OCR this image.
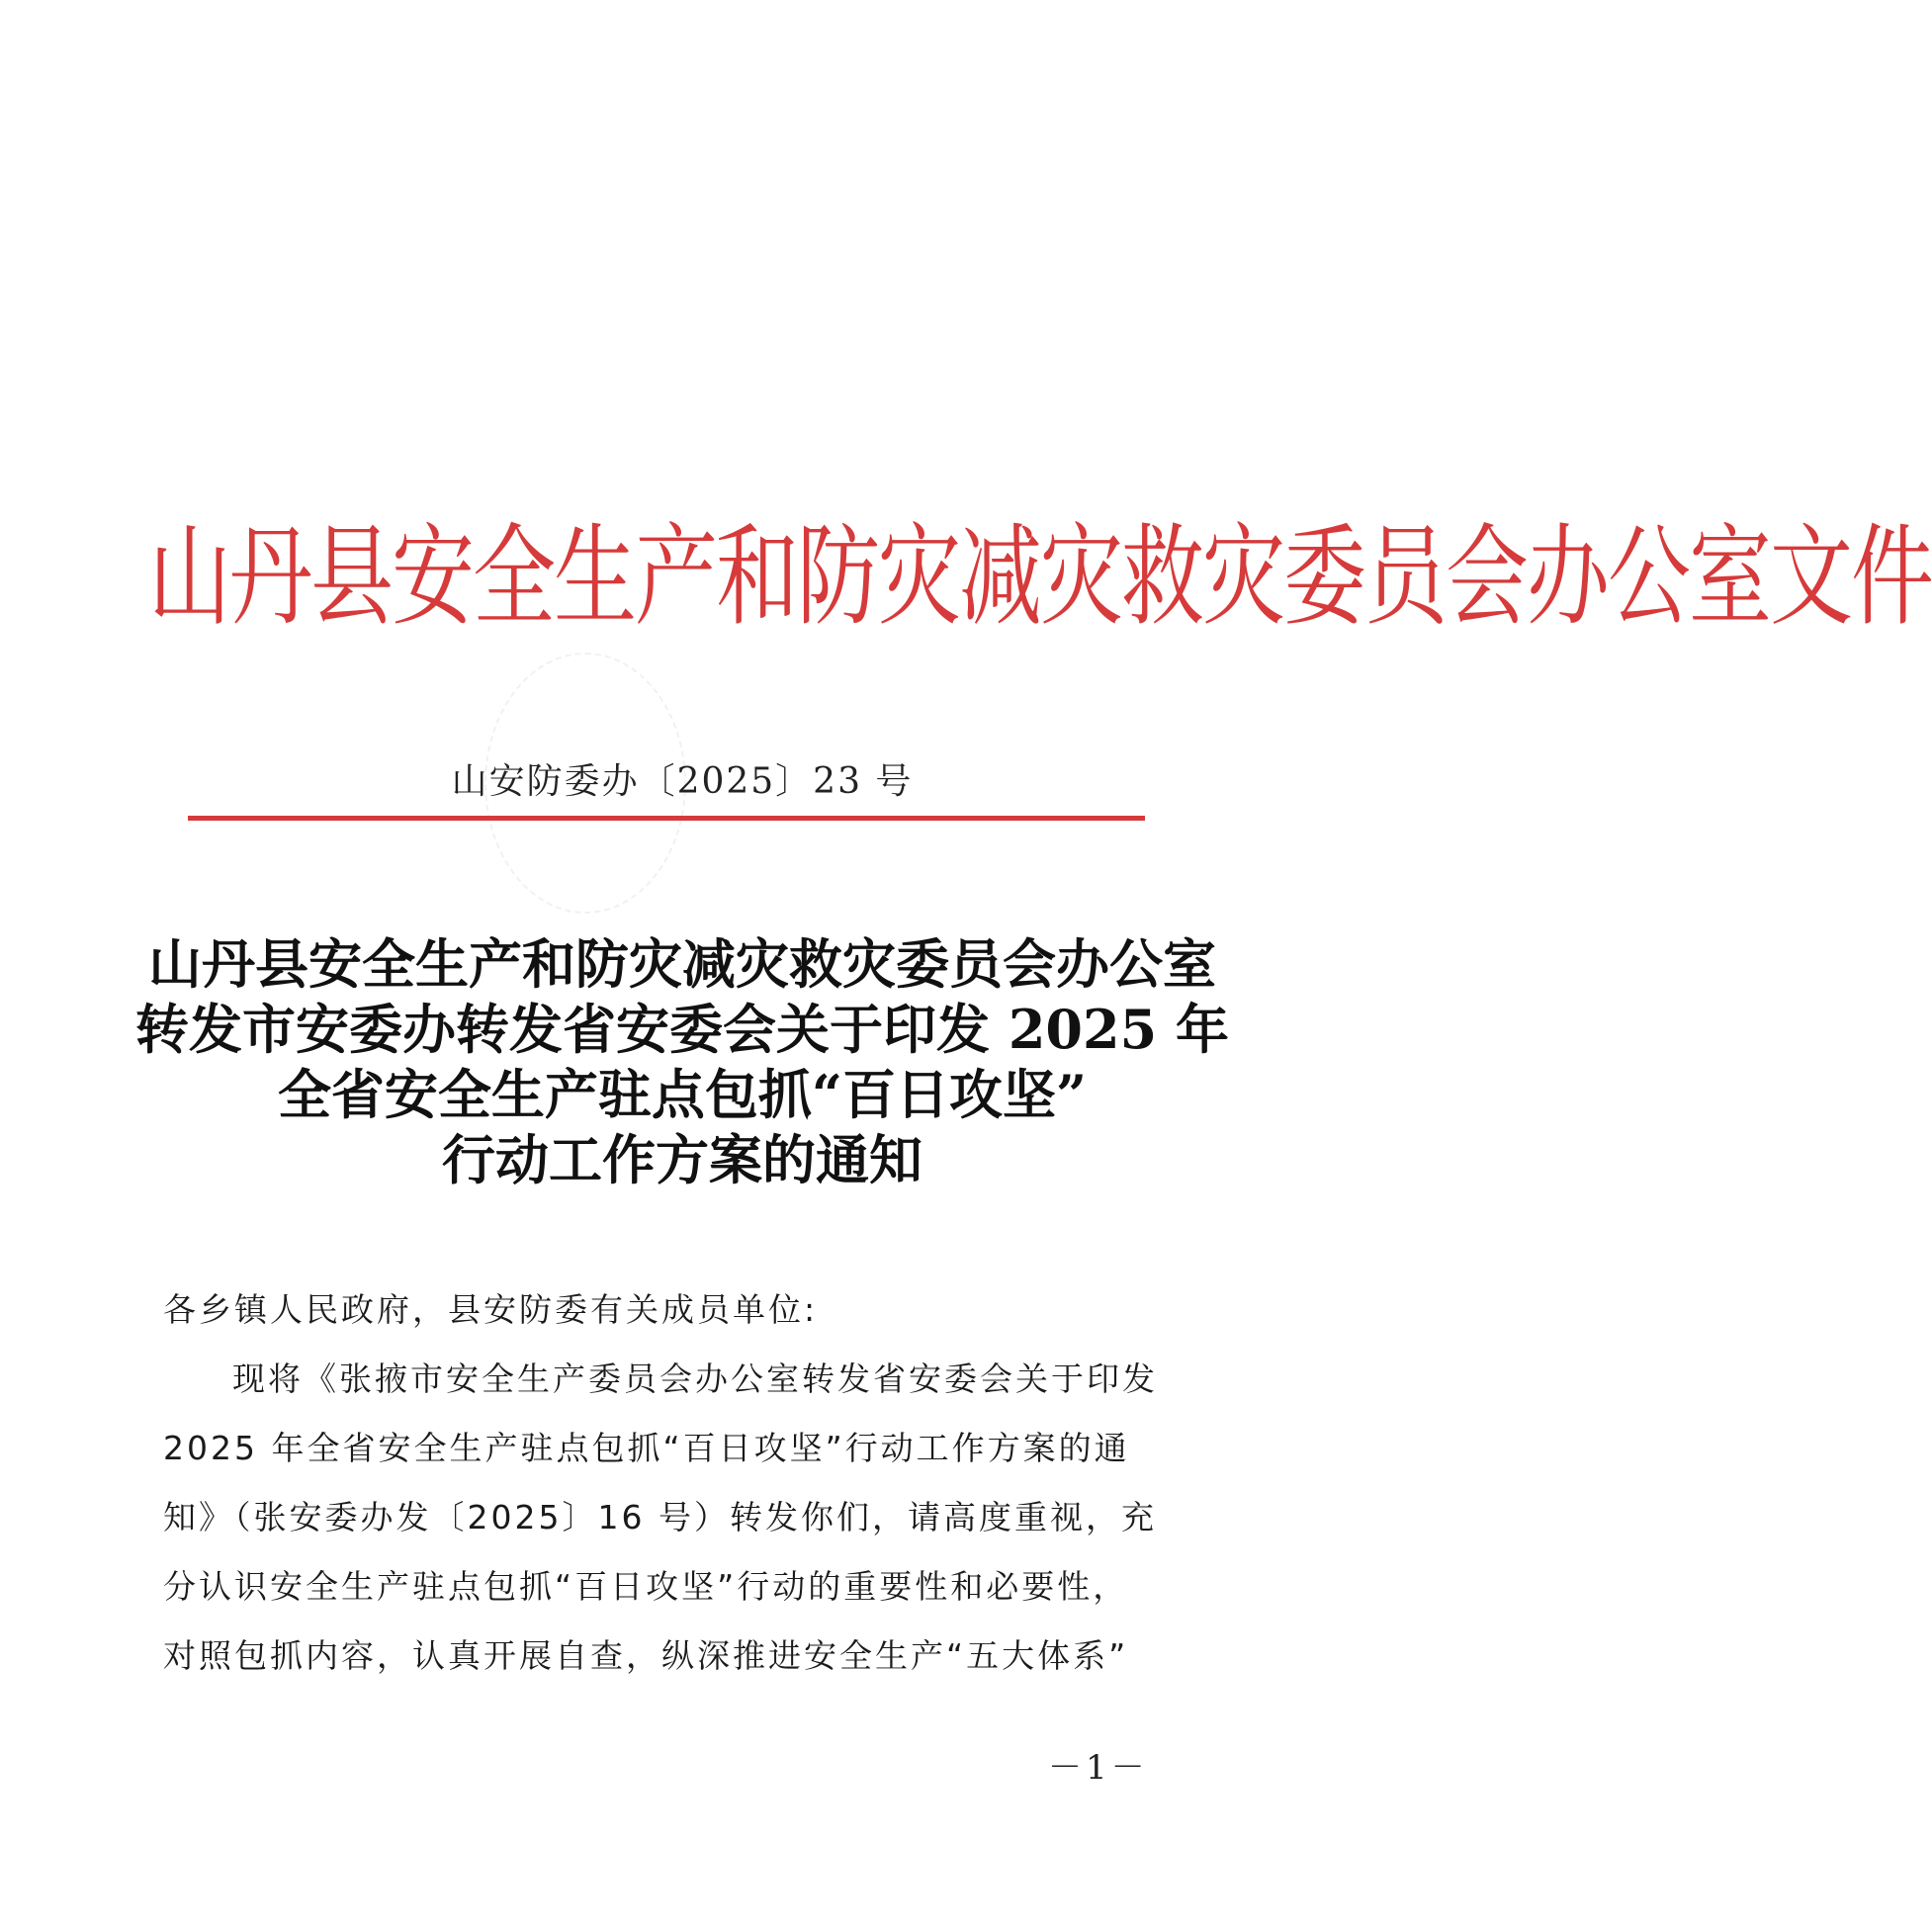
山丹县安全生产和防灾减灾救灾委员会办公室文件
山安防委办〔2025〕23 号
山丹县安全生产和防灾减灾救灾委员会办公室
转发市安委办转发省安委会关于印发 2025 年
全省安全生产驻点包抓“百日攻坚”
行动工作方案的通知
各乡镇人民政府，县安防委有关成员单位:
现将《张掖市安全生产委员会办公室转发省安委会关于印发
2025 年全省安全生产驻点包抓“百日攻坚”行动工作方案的通
知》（张安委办发〔2025〕16 号）转发你们，请高度重视，充
分认识安全生产驻点包抓“百日攻坚”行动的重要性和必要性，
对照包抓内容，认真开展自查，纵深推进安全生产“五大体系”
－1－
